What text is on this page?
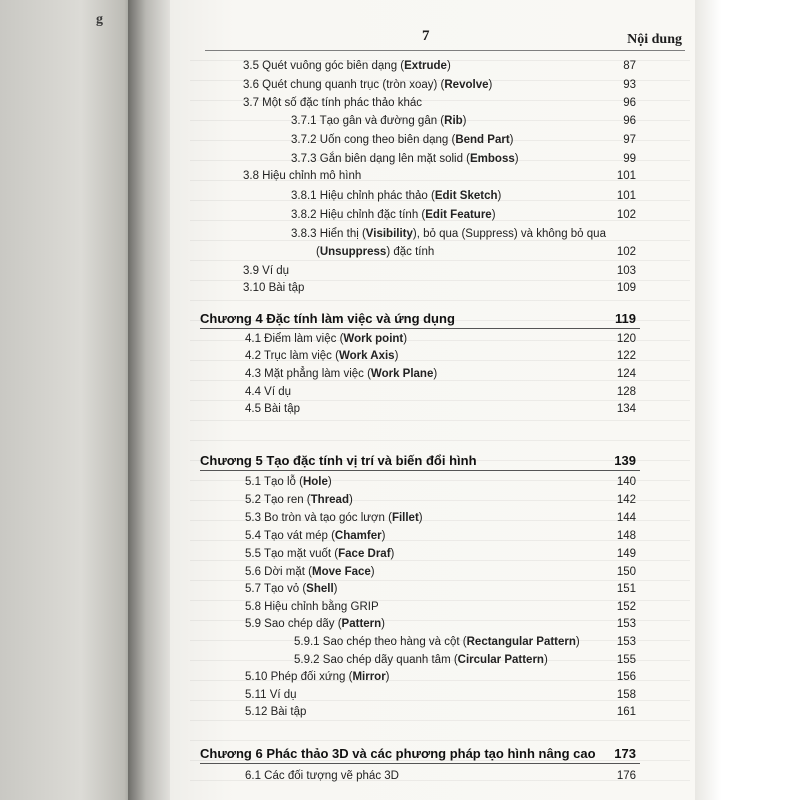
g
7	Nội dung
3.5 Quét vuông góc biên dạng (Extrude)	87
3.6 Quét chung quanh trục (tròn xoay) (Revolve)	93
3.7 Một số đặc tính phác thảo khác	96
3.7.1 Tạo gân và đường gân (Rib)	96
3.7.2 Uốn cong theo biên dạng (Bend Part)	97
3.7.3 Gắn biên dạng lên mặt solid (Emboss)	99
3.8 Hiệu chỉnh mô hình	101
3.8.1 Hiệu chỉnh phác thảo (Edit Sketch)	101
3.8.2 Hiệu chỉnh đặc tính (Edit Feature)	102
3.8.3 Hiển thị (Visibility), bỏ qua (Suppress) và không bỏ qua
(Unsuppress) đặc tính	102
3.9 Ví dụ	103
3.10 Bài tập	109
Chương 4 Đặc tính làm việc và ứng dụng	119
4.1 Điểm làm việc (Work point)	120
4.2 Trục làm việc (Work Axis)	122
4.3 Mặt phẳng làm việc (Work Plane)	124
4.4 Ví dụ	128
4.5 Bài tập	134
Chương 5 Tạo đặc tính vị trí và biến đổi hình	139
5.1 Tạo lỗ (Hole)	140
5.2 Tạo ren (Thread)	142
5.3 Bo tròn và tạo góc lượn (Fillet)	144
5.4 Tạo vát mép (Chamfer)	148
5.5 Tạo mặt vuốt (Face Draf)	149
5.6 Dời mặt (Move Face)	150
5.7 Tạo vỏ (Shell)	151
5.8 Hiệu chỉnh bằng GRIP	152
5.9 Sao chép dãy (Pattern)	153
5.9.1 Sao chép theo hàng và cột (Rectangular Pattern)	153
5.9.2 Sao chép dãy quanh tâm (Circular Pattern)	155
5.10 Phép đối xứng (Mirror)	156
5.11 Ví dụ	158
5.12 Bài tập	161
Chương 6 Phác thảo 3D và các phương pháp tạo hình nâng cao	173
6.1 Các đối tượng vẽ phác 3D	176
